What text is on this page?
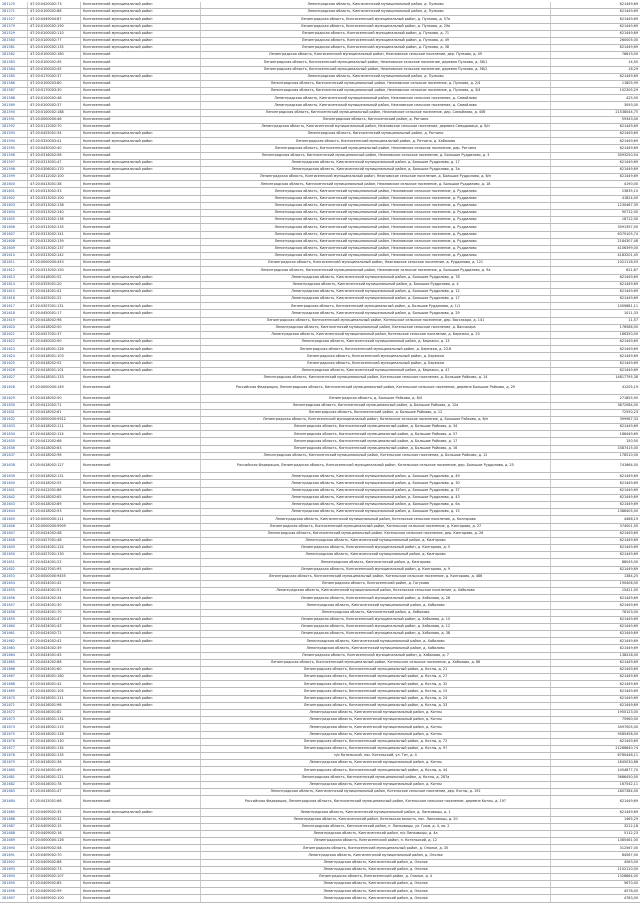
281125	47:20:0420002:73	Кингисеппский муниципальный район	Ленинградская область, Кингисеппский муниципальный район, д. Пулково	621449,69
281271	47:20:0100002:88	Кингисеппский муниципальный район	Ленинградская область, Кингисеппский муниципальный район, д. Пулково	621449,69
281527	47:20:0449004:87	Кингисеппский муниципальный район	Ленинградская область, Кингисеппский муниципальный район, д. Пулково, д. 57а	621449,69
281579	47:20:0100002:190	Кингисеппский муниципальный район	Ленинградская область, Кингисеппский муниципальный район, д. Пулково, д. 29а	621449,69
281529	47:20:0100002:110	Кингисеппский муниципальный район	Ленинградская область, Кингисеппский муниципальный район, д. Пулково, д. 71	621449,69
281580	47:20:0100002:77	Кингисеппский муниципальный район	Ленинградская область, Кингисеппский муниципальный район, д. Пулково, д. 49	260005,00
281581	47:20:0100002:135	Кингисеппский муниципальный район	Ленинградская область, Кингисеппский муниципальный район, д. Пулково, д. 38	621449,69
281582	47:20:0100002:180	Кингисеппский	Ленинградская область, Кингисеппский муниципальный район, Нежновское сельское поселение, дер. Пулково, д. 49	76619,00
281583	47:20:0100002:45	Кингисеппский	Ленинградская область, Кингисеппский муниципальный район, Нежновское сельское поселение, деревня Пулково, д. 58/1	14,50
281584	47:20:0100002:45	Кингисеппский	Ленинградская область, Кингисеппский муниципальный район, Нежновское сельское поселение, деревня Пулково, д. 58/2	16,29
281585	47:20:0170002:37	Кингисеппский муниципальный район	Ленинградская область, Кингисеппский муниципальный район, д. Пулково	621449,69
281586	47:20:0100003:80	Кингисеппский	Ленинградская область, Кингисеппский муниципальный район, Нежновское сельское поселение, д. Пулково, д. 2/4	11805,99
281587	47:20:0170003:30	Кингисеппский	Ленинградская область, Кингисеппский муниципальный район, Нежновское сельское поселение, д. Пулково, д. 3/4	102305,29
281588	47:20:0100002:48	Кингисеппский	Ленинградская область, Кингисеппский муниципальный район, Нежновское сельское поселение, д. Самойлово	425,00
281589	47:20:0100002:37	Кингисеппский	Ленинградская область, Кингисеппский муниципальный район, Нежновское сельское поселение, д. Самойлово	3093,00
281590	47:20:0100002:188	Кингисеппский	Ленинградская область, Кингисеппский муниципальный район, Нежновское сельское поселение, дер. Самойлово, д. 40б	21538044,75
281591	47:20:0000000:46	Кингисеппский	Ленинградская область, Кингисеппский район, д. Ратчино	59343,00
281592	47:20:0112002:70	Кингисеппский	Ленинградская область, Кингисеппский муниципальный район, Нежновское сельское поселение, деревня Смердовица, д. б/н	621449,69
281593	47:20:0425001:34	Кингисеппский муниципальный район	Ленинградская область, Кингисеппский муниципальный район, д. Ратчино	621449,69
281594	47:20:0320003:41	Кингисеппский муниципальный район	Ленинградская область, Кингисеппский муниципальный район, д. Ратчино, д. Хаболово	621449,69
281595	47:20:0430002:40	Кингисеппский	Ленинградская область, Кингисеппский муниципальный район, Нежновское сельское поселение, дер. Ратчино	621449,69
281596	47:20:0316002:58	Кингисеппский	Ленинградская область, Кингисеппский муниципальный район, Нежновское сельское поселение, д. Большое Руддилово, д. 3	3093250,54
281597	47:20:0313001:47	Кингисеппский муниципальный район	Ленинградская область, Кингисеппский муниципальный район, д. Большое Руддилово, д. 17	621449,69
281598	47:20:0306001:170	Кингисеппский муниципальный район	Ленинградская область, Кингисеппский муниципальный район, д. Большое Руддилово, д. 3а	621449,69
281599	47:20:0312002:100	Кингисеппский	Ленинградская область, Кингисеппский муниципальный район, Нежновское сельское поселение, д. Большое Руддилово, д. б/н	621449,69
281600	47:20:0413001:38	Кингисеппский	Ленинградская область, Кингисеппский муниципальный район, Нежновское сельское поселение, д. Большое Руддилово, д. 18	4190,00
281601	47:20:0313002:33	Кингисеппский	Ленинградская область, Кингисеппский муниципальный район, Нежновское сельское поселение, д. Руддилово	23635,10
281602	47:20:0313002:100	Кингисеппский	Ленинградская область, Кингисеппский муниципальный район, Нежновское сельское поселение, д. Руддилово	41824,00
281603	47:20:0313002:138	Кингисеппский	Ленинградская область, Кингисеппский муниципальный район, Нежновское сельское поселение, д. Руддилово	1230467,39
281604	47:20:0313002:140	Кингисеппский	Ленинградская область, Кингисеппский муниципальный район, Нежновское сельское поселение, д. Руддилово	90712,00
281605	47:20:0313002:136	Кингисеппский	Ленинградская область, Кингисеппский муниципальный район, Нежновское сельское поселение, д. Руддилово	18712,00
281606	47:20:0313002:135	Кингисеппский	Ленинградская область, Кингисеппский муниципальный район, Нежновское сельское поселение, д. Руддилово	3091397,00
281607	47:20:0313002:141	Кингисеппский	Ленинградская область, Кингисеппский муниципальный район, Нежновское сельское поселение, д. Руддилово	6379105,74
281608	47:20:0313002:139	Кингисеппский	Ленинградская область, Кингисеппский муниципальный район, Нежновское сельское поселение, д. Руддилово	2184307,48
281609	47:20:0313002:137	Кингисеппский	Ленинградская область, Кингисеппский муниципальный район, Нежновское сельское поселение, д. Руддилово	4106399,00
281610	47:20:0313002:142	Кингисеппский	Ленинградская область, Кингисеппский муниципальный район, Нежновское сельское поселение, д. Руддилово	4183201,45
281611	47:20:0000000:443	Кингисеппский	Ленинградская область, Кингисеппский муниципальный район, Нежновское сельское поселение, д. Руддилово, д. 121	1021118,93
281612	47:20:0313002:150	Кингисеппский	Ленинградская область, Кингисеппский муниципальный район, Нежновское сельское поселение, д. Большое Руддилово, д. 9а	621,67
281613	47:20:0418001:52	Кингисеппский муниципальный район	Ленинградская область, Кингисеппский муниципальный район, д. Большое Руддилово, д. 78	621449,69
281614	47:20:0325001:20	Кингисеппский муниципальный район	Ленинградская область, Кингисеппский муниципальный район, д. Большое Руддилово, д. 4	621449,69
281615	47:20:0414001:41	Кингисеппский муниципальный район	Ленинградская область, Кингисеппский муниципальный район, д. Большое Руддилово, д. 12	621449,69
281616	47:20:0425001:22	Кингисеппский	Ленинградская область, Кингисеппский муниципальный район, д. Большое Руддилово, д. 17	621449,69
281617	47:20:0307001:131	Кингисеппский муниципальный район	Ленинградская область, Кингисеппский муниципальный район, д. Большое Руддилово, д. 1/1	1009681,11
281618	47:20:0450001:17	Кингисеппский муниципальный район	Ленинградская область, Кингисеппский муниципальный район, д. Большое Руддилово, д. 29	1011,33
281619	47:20:0418002:98	Кингисеппский	Ленинградская область, Кингисеппский муниципальный район, Котельское сельское поселение, дер. Вассакара, д. 141	11,57
281620	47:20:0418002:50	Кингисеппский	Ленинградская область, Кингисеппский муниципальный район, Котельское сельское поселение, д. Вассакара	176586,00
281621	47:20:0427001:37	Кингисеппский	Ленинградская область, Кингисеппский муниципальный район, Котельское сельское поселение, д. Бережки, д. 23	186350,00
281622	47:20:0450002:90	Кингисеппский муниципальный район	Ленинградская область, Кингисеппский муниципальный район, д. Бережки, д. 13	621449,69
281623	47:20:0418001:126	Кингисеппский муниципальный район	Ленинградская область, Кингисеппский муниципальный район, д. Бережки, д. 23-б	621449,69
281624	47:20:0418001:103	Кингисеппский муниципальный район	Ленинградская область, Кингисеппский муниципальный район, д. Бережки	621449,69
281625	47:20:0418002:92	Кингисеппский муниципальный район	Ленинградская область, Кингисеппский муниципальный район, д. Бережки	621449,69
281626	47:20:0418001:101	Кингисеппский муниципальный район	Ленинградская область, Кингисеппский муниципальный район, д. Бережки, д. 47	621449,69
281627	47:20:0418001:133	Кингисеппский	Ленинградская область, Кингисеппский муниципальный район, Котельское сельское поселение, д. Большое Райково, д. 14	14817795,38
281628	47:20:0000000:149	Кингисеппский	Российская Федерация, Ленинградская область, Кингисеппский муниципальный район, Котельское сельское поселение, деревня Большое Райково, д. 29	41205,19
281629	47:20:0418002:50	Кингисеппский	Ленинградская область, д. Большое Райково, д. 8/4	271855,90
281630	47:20:0412002:71	Кингисеппский	Ленинградская область, Кингисеппский муниципальный район, д. Большое Райково, д. 12а	3872084,00
281631	47:20:0418002:61	Кингисеппский	Ленинградская область, Кингисеппский район, д. Большое Райково, д. 12	72550,23
281632	47:20:0000000:9912	Кингисеппский	Ленинградская область, Кингисеппский муниципальный район, Котельское сельское поселение, д. Большое Райково, д. б/н	399967,33
281633	47:20:0418002:111	Кингисеппский муниципальный район	Ленинградская область, Кингисеппский муниципальный район, д. Большое Райково, д. 34	621449,69
281634	47:20:0418002:124	Кингисеппский муниципальный район	Ленинградская область, Кингисеппский муниципальный район, д. Большое Райково, д. 57	186449,69
281635	47:20:0412002:66	Кингисеппский	Ленинградская область, Кингисеппский муниципальный район, д. Большое Райково, д. 17	150,50
281636	47:20:0418002:63	Кингисеппский	Ленинградская область, Кингисеппский муниципальный район, д. Большое Райково, д. 16	3387415,00
281637	47:20:0418002:96	Кингисеппский	Ленинградская область, Кингисеппский муниципальный район, Котельское сельское поселение, д. Большое Райково, д. 12	178510,00
281638	47:20:0418002:127	Кингисеппский	Российская Федерация, Ленинградская область, Кингисеппский муниципальный район, Котельское сельское поселение, дер. Большое Руддилово, д. 25	741664,00
281639	47:20:0418002:131	Кингисеппский муниципальный район	Ленинградская область, Кингисеппский муниципальный район, д. Большое Руддилово, д. 49	621449,69
281640	47:20:0418002:55	Кингисеппский муниципальный район	Ленинградская область, Кингисеппский муниципальный район, д. Большое Руддилово, д. 30	621449,69
281641	47:20:0412001:86	Кингисеппский муниципальный район	Ленинградская область, Кингисеппский муниципальный район, д. Большое Руддилово, д. 37	621449,69
281642	47:20:0418002:65	Кингисеппский муниципальный район	Ленинградская область, Кингисеппский муниципальный район, д. Большое Руддилово, д. 43	621449,69
281643	47:20:0418002:89	Кингисеппский муниципальный район	Ленинградская область, Кингисеппский муниципальный район, д. Большое Руддилово, д. 6а	621449,69
281644	47:20:0418002:93	Кингисеппский муниципальный район	Ленинградская область, Кингисеппский муниципальный район, д. Большое Руддилово, д. 15	1386405,00
281645	47:20:0000000:111	Кингисеппский	Ленинградская область, Кингисеппский муниципальный район, Котельское сельское поселение, д. Килгорово	4488,19
281646	47:20:0000000:9909	Кингисеппский	Ленинградская область, Кингисеппский муниципальный район, Котельское сельское поселение, д. Килгорово, д. 27	374001,50
281647	47:20:0424002:48	Кингисеппский	Ленинградская область, Кингисеппский муниципальный район, Котельское сельское поселение, дер. Килгорово, д. 26	621449,69
281648	47:20:0427001:48	Кингисеппский муниципальный район	Ленинградская область, Кингисеппский муниципальный район, д. Килгорово	621449,69
281649	47:20:0424001:124	Кингисеппский муниципальный район	Ленинградская область, Кингисеппский муниципальный район, д. Килгорово, д. 5	621449,69
281650	47:20:0427001:130	Кингисеппский муниципальный район	Ленинградская область, Кингисеппский муниципальный район, д. Килгорово	621449,69
281651	47:20:0424001:22	Кингисеппский	Ленинградская область, Кингисеппский район, д. Килгорово	88045,00
281652	47:20:0427001:95	Кингисеппский муниципальный район	Ленинградская область, Кингисеппский муниципальный район, д. Килгорово, д. 9	621449,69
281653	47:20:0000000:9455	Кингисеппский	Ленинградская область, Кингисеппский муниципальный район, Котельское сельское поселение, д. Килгорово, д. 486	1384,25
281654	47:20:0424001:42	Кингисеппский	Ленинградская область, Кингисеппский район, д. Гогуково	190406,00
281655	47:20:0424001:51	Кингисеппский	Ленинградская область, Кингисеппский муниципальный район, Котельское сельское поселение, д. Хаболово	15421,00
281656	47:20:0424002:34	Кингисеппский муниципальный район	Ленинградская область, Кингисеппский муниципальный район, д. Хаболово, д. 28	621449,69
281657	47:20:0424001:30	Кингисеппский муниципальный район	Ленинградская область, Кингисеппский муниципальный район, д. Хаболово	621449,69
281658	47:20:0424001:70	Кингисеппский	Ленинградская область, Кингисеппский район, д. Хаболово	78103,00
281659	47:20:0424001:47	Кингисеппский муниципальный район	Ленинградская область, Кингисеппский муниципальный район, д. Хаболово, д. 10	621449,69
281660	47:20:0424001:43	Кингисеппский муниципальный район	Ленинградская область, Кингисеппский муниципальный район, д. Хаболово, д. 12	621449,69
281661	47:20:0424002:72	Кингисеппский муниципальный район	Ленинградская область, Кингисеппский муниципальный район, д. Хаболово, д. 38	621449,69
281662	47:20:0424002:42	Кингисеппский муниципальный район	Ленинградская область, Кингисеппский муниципальный район, д. Хаболово	621449,69
281663	47:20:0424002:39	Кингисеппский	Ленинградская область, Кингисеппский муниципальный район, д. Хаболово	621449,69
281664	47:20:0424001:45	Кингисеппский	Ленинградская область, Кингисеппский муниципальный район, д. Хаболово, д. 7	138418,00
281665	47:20:0424002:68	Кингисеппский	Ленинградская область, Кингисеппский муниципальный район, Котельское сельское поселение, д. Хаболово, д. 86	621449,69
281666	47:20:0424001:60	Кингисеппский муниципальный район	Ленинградская область, Кингисеппский муниципальный район, д. Котлы, д. 21	621449,69
281667	47:20:0416001:180	Кингисеппский муниципальный район	Ленинградская область, Кингисеппский муниципальный район, д. Котлы, д. 27	621449,69
281668	47:20:0416001:42	Кингисеппский муниципальный район	Ленинградская область, Кингисеппский муниципальный район, д. Котлы, д. 32	621449,69
281669	47:20:0416001:105	Кингисеппский муниципальный район	Ленинградская область, Кингисеппский муниципальный район, д. Котлы, д. 15	621449,69
281670	47:20:0416001:111	Кингисеппский муниципальный район	Ленинградская область, Кингисеппский муниципальный район, д. Котлы, д. 24	621449,69
281671	47:20:0416001:96	Кингисеппский муниципальный район	Ленинградская область, Кингисеппский муниципальный район, д. Котлы, д. 33	621449,69
281672	47:20:0416001:82	Кингисеппский	Ленинградская область, Кингисеппский муниципальный район, д. Котлы	1950123,00
281673	47:20:0416001:131	Кингисеппский	Ленинградская область, Кингисеппский муниципальный район, д. Котлы	75960,00
281674	47:20:0416001:115	Кингисеппский	Ленинградская область, Кингисеппский муниципальный район, д. Котлы	3497005,00
281675	47:20:0416001:128	Кингисеппский	Ленинградская область, Кингисеппский муниципальный район, д. Котлы	9585458,00
281676	47:20:0416001:130	Кингисеппский	Ленинградская область, Кингисеппский муниципальный район, д. Котлы, д. 72	621449,69
281677	47:20:0416001:134	Кингисеппский	Ленинградская область, Кингисеппский муниципальный район, д. Котлы, д. 97	21266640,74
281678	47:20:0416001:135	Кингисеппский	п/о Котельский, пос. Котельский, ул. Тит, д. 4	6780448,11
281679	47:20:0416001:36	Кингисеппский	Ленинградская область, Кингисеппский муниципальный район, д. Котлы	1845030,88
281680	47:20:0416001:49	Кингисеппский	Ленинградская область, Кингисеппский муниципальный район, д. Котлы, д. 44	1454877,70
281681	47:20:0416001:121	Кингисеппский	Ленинградская область, Кингисеппский муниципальный район, д. Котлы, д. 287а	3666450,00
281682	47:20:0416001:78	Кингисеппский	Ленинградская область, Кингисеппский муниципальный район, д. Котлы	167542,11
281683	47:20:0416001:47	Кингисеппский	Ленинградская область, Кингисеппский муниципальный район, Котельское сельское поселение, дер. Котлы, д. 192	1807384,00
281684	47:20:0415001:66	Кингисеппский	Российская Федерация, Ленинградская область, Кингисеппский муниципальный район, Котельское сельское поселение, деревня Котлы, д. 197	621449,69
281685	47:20:0409002:35	Кингисеппский муниципальный район	Ленинградская область, Кингисеппский муниципальный район, д. Липковицы, д. 1	621449,69
281686	47:20:0409002:32	Кингисеппский	Ленинградская область, Кингисеппский район, Котельская волость, пос. Липковицы, д. 20	1465,29
281687	47:20:0409002:15	Кингисеппский	Ленинградская область, Кингисеппский район, п. Липковицы, ул. Гром, д. 4, кв. 2	3212,18
281688	47:20:0409002:16	Кингисеппский	Ленинградская область, Кингисеппский район, п/о Липковицы, д. 4а	5112,23
281689	47:20:0000000:126	Кингисеппский	Ленинградская область, Кингисеппский район, п. Котельский, д. 12	1385461,00
281690	47:20:0409002:58	Кингисеппский	Ленинградская область, Кингисеппский муниципальный район, д. Ополье, д. 35	312567,00
281691	47:20:0409002:70	Кингисеппский	Ленинградская область, Кингисеппский муниципальный район, д. Ополье	84567,00
281692	47:20:0409002:68	Кингисеппский	Ленинградская область, Кингисеппский район, д. Ополье	4563,00
281693	47:20:0409002:73	Кингисеппский	Ленинградская область, Кингисеппский район, д. Ополье	1102110,00
281694	47:20:0409002:107	Кингисеппский	Ленинградская область, Кингисеппский район, д. Ополье, д. 4	1328864,00
281695	47:20:0409002:85	Кингисеппский	Ленинградская область, Кингисеппский район, д. Ополье	5670,00
281696	47:20:0409002:99	Кингисеппский	Ленинградская область, Кингисеппский район, д. Ополье	4578,00
281697	47:20:0409002:100	Кингисеппский	Ленинградская область, Кингисеппский район, д. Ополье	4783,00
